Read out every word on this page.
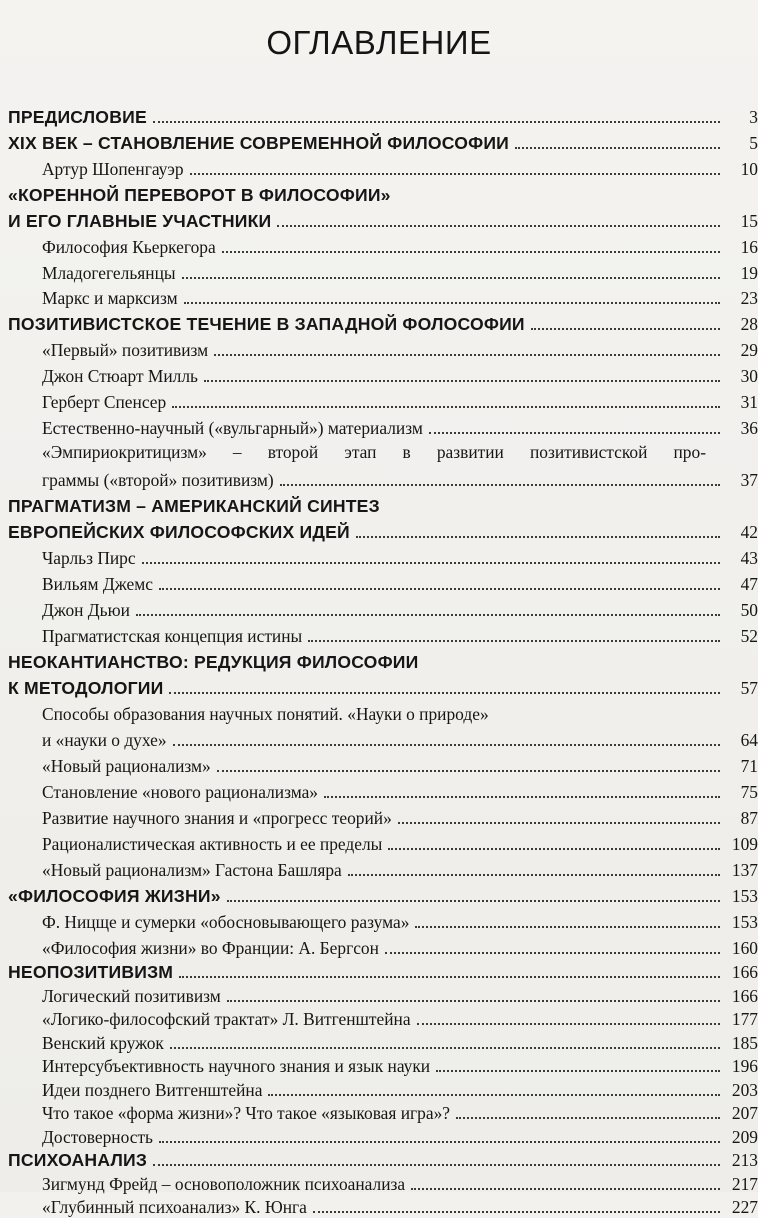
ОГЛАВЛЕНИЕ
ПРЕДИСЛОВИЕ	3
XIX ВЕК – СТАНОВЛЕНИЕ СОВРЕМЕННОЙ ФИЛОСОФИИ	5
Артур Шопенгауэр	10
«КОРЕННОЙ ПЕРЕВОРОТ В ФИЛОСОФИИ»
И ЕГО ГЛАВНЫЕ УЧАСТНИКИ	15
Философия Кьеркегора	16
Младогегельянцы	19
Маркс и марксизм	23
ПОЗИТИВИСТСКОЕ ТЕЧЕНИЕ В ЗАПАДНОЙ ФОЛОСОФИИ	28
«Первый» позитивизм	29
Джон Стюарт Милль	30
Герберт Спенсер	31
Естественно-научный («вульгарный») материализм	36
«Эмпириокритицизм» – второй этап в развитии позитивистской про-
граммы («второй» позитивизм)	37
ПРАГМАТИЗМ – АМЕРИКАНСКИЙ СИНТЕЗ
ЕВРОПЕЙСКИХ ФИЛОСОФСКИХ ИДЕЙ	42
Чарльз Пирс	43
Вильям Джемс	47
Джон Дьюи	50
Прагматистская концепция истины	52
НЕОКАНТИАНСТВО: РЕДУКЦИЯ ФИЛОСОФИИ
К МЕТОДОЛОГИИ	57
Способы образования научных понятий. «Науки о природе»
и «науки о духе»	64
«Новый рационализм»	71
Становление «нового рационализма»	75
Развитие научного знания и «прогресс теорий»	87
Рационалистическая активность и ее пределы	109
«Новый рационализм» Гастона Башляра	137
«ФИЛОСОФИЯ ЖИЗНИ»	153
Ф. Ницще и сумерки «обосновывающего разума»	153
«Философия жизни» во Франции: А. Бергсон	160
НЕОПОЗИТИВИЗМ	166
Логический позитивизм	166
«Логико-философский трактат» Л. Витгенштейна	177
Венский кружок	185
Интерсубъективность научного знания и язык науки	196
Идеи позднего Витгенштейна	203
Что такое «форма жизни»? Что такое «языковая игра»?	207
Достоверность	209
ПСИХОАНАЛИЗ	213
Зигмунд Фрейд – основоположник психоанализа	217
«Глубинный психоанализ» К. Юнга	227
